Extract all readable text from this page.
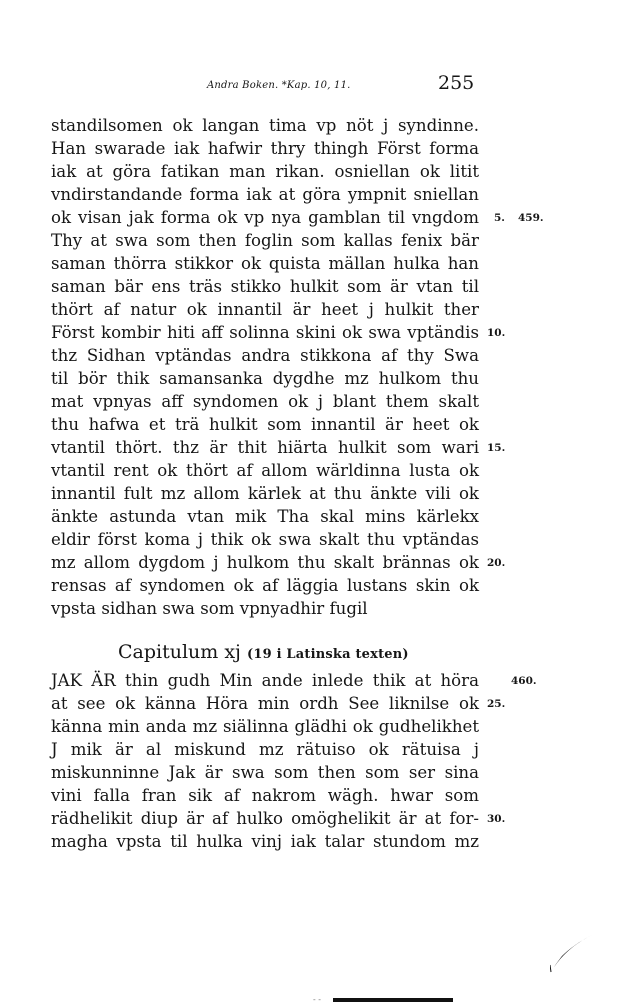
Andra Boken. *Kap. 10, 11.	255
standilsomen ok langan tima vp nöt j syndinne.
Han swarade iak hafwir thry thingh Först forma
iak at göra fatikan man rikan. osniellan ok litit
vndirstandande forma iak at göra ympnit sniellan
ok visan jak forma ok vp nya gamblan til vngdom
Thy at swa som then foglin som kallas fenix bär
saman thörra stikkor ok quista mällan hulka han
saman bär ens träs stikko hulkit som är vtan til
thört af natur ok innantil är heet j hulkit ther
Först kombir hiti aff solinna skini ok swa vptändis
thz Sidhan vptändas andra stikkona af thy Swa
til bör thik samansanka dygdhe mz hulkom thu
mat vpnyas aff syndomen ok j blant them skalt
thu hafwa et trä hulkit som innantil är heet ok
vtantil thört. thz är thit hiärta hulkit som wari
vtantil rent ok thört af allom wärldinna lusta ok
innantil fult mz allom kärlek at thu änkte vili ok
änkte astunda vtan mik Tha skal mins kärlekx
eldir först koma j thik ok swa skalt thu vptändas
mz allom dygdom j hulkom thu skalt brännas ok
rensas af syndomen ok af läggia lustans skin ok
vpsta sidhan swa som vpnyadhir fugil
Capitulum xj (19 i Latinska texten)
JAK ÄR thin gudh Min ande inlede thik at höra
at see ok känna Höra min ordh See liknilse ok
känna min anda mz siälinna glädhi ok gudhelikhet
J mik är al miskund mz rätuiso ok rätuisa j
miskunninne Jak är swa som then som ser sina
vini falla fran sik af nakrom wägh. hwar som
rädhelikit diup är af hulko omöghelikit är at for-
magha vpsta til hulka vinj iak talar stundom mz
5. 459.
10.
15.
20.
460.
25.
30.
- -
